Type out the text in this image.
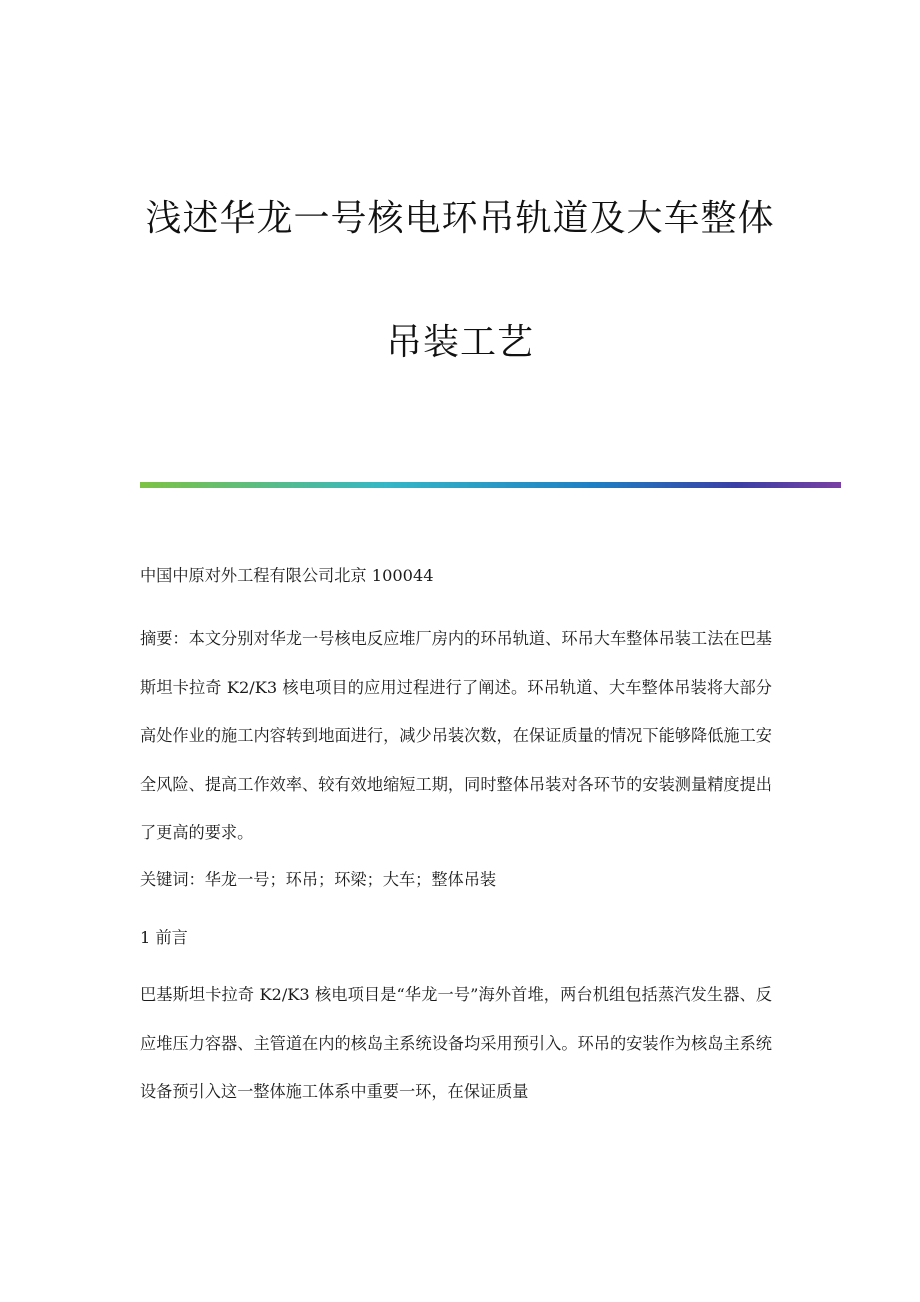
浅述华龙一号核电环吊轨道及大车整体
吊装工艺

中国中原对外工程有限公司北京 100044

摘要：本文分别对华龙一号核电反应堆厂房内的环吊轨道、环吊大车整体吊装工法在巴基斯坦卡拉奇 K2/K3 核电项目的应用过程进行了阐述。环吊轨道、大车整体吊装将大部分高处作业的施工内容转到地面进行，减少吊装次数，在保证质量的情况下能够降低施工安全风险、提高工作效率、较有效地缩短工期，同时整体吊装对各环节的安装测量精度提出了更高的要求。

关键词：华龙一号；环吊；环梁；大车；整体吊装

1 前言

巴基斯坦卡拉奇 K2/K3 核电项目是“华龙一号”海外首堆，两台机组包括蒸汽发生器、反应堆压力容器、主管道在内的核岛主系统设备均采用预引入。环吊的安装作为核岛主系统设备预引入这一整体施工体系中重要一环，在保证质量
